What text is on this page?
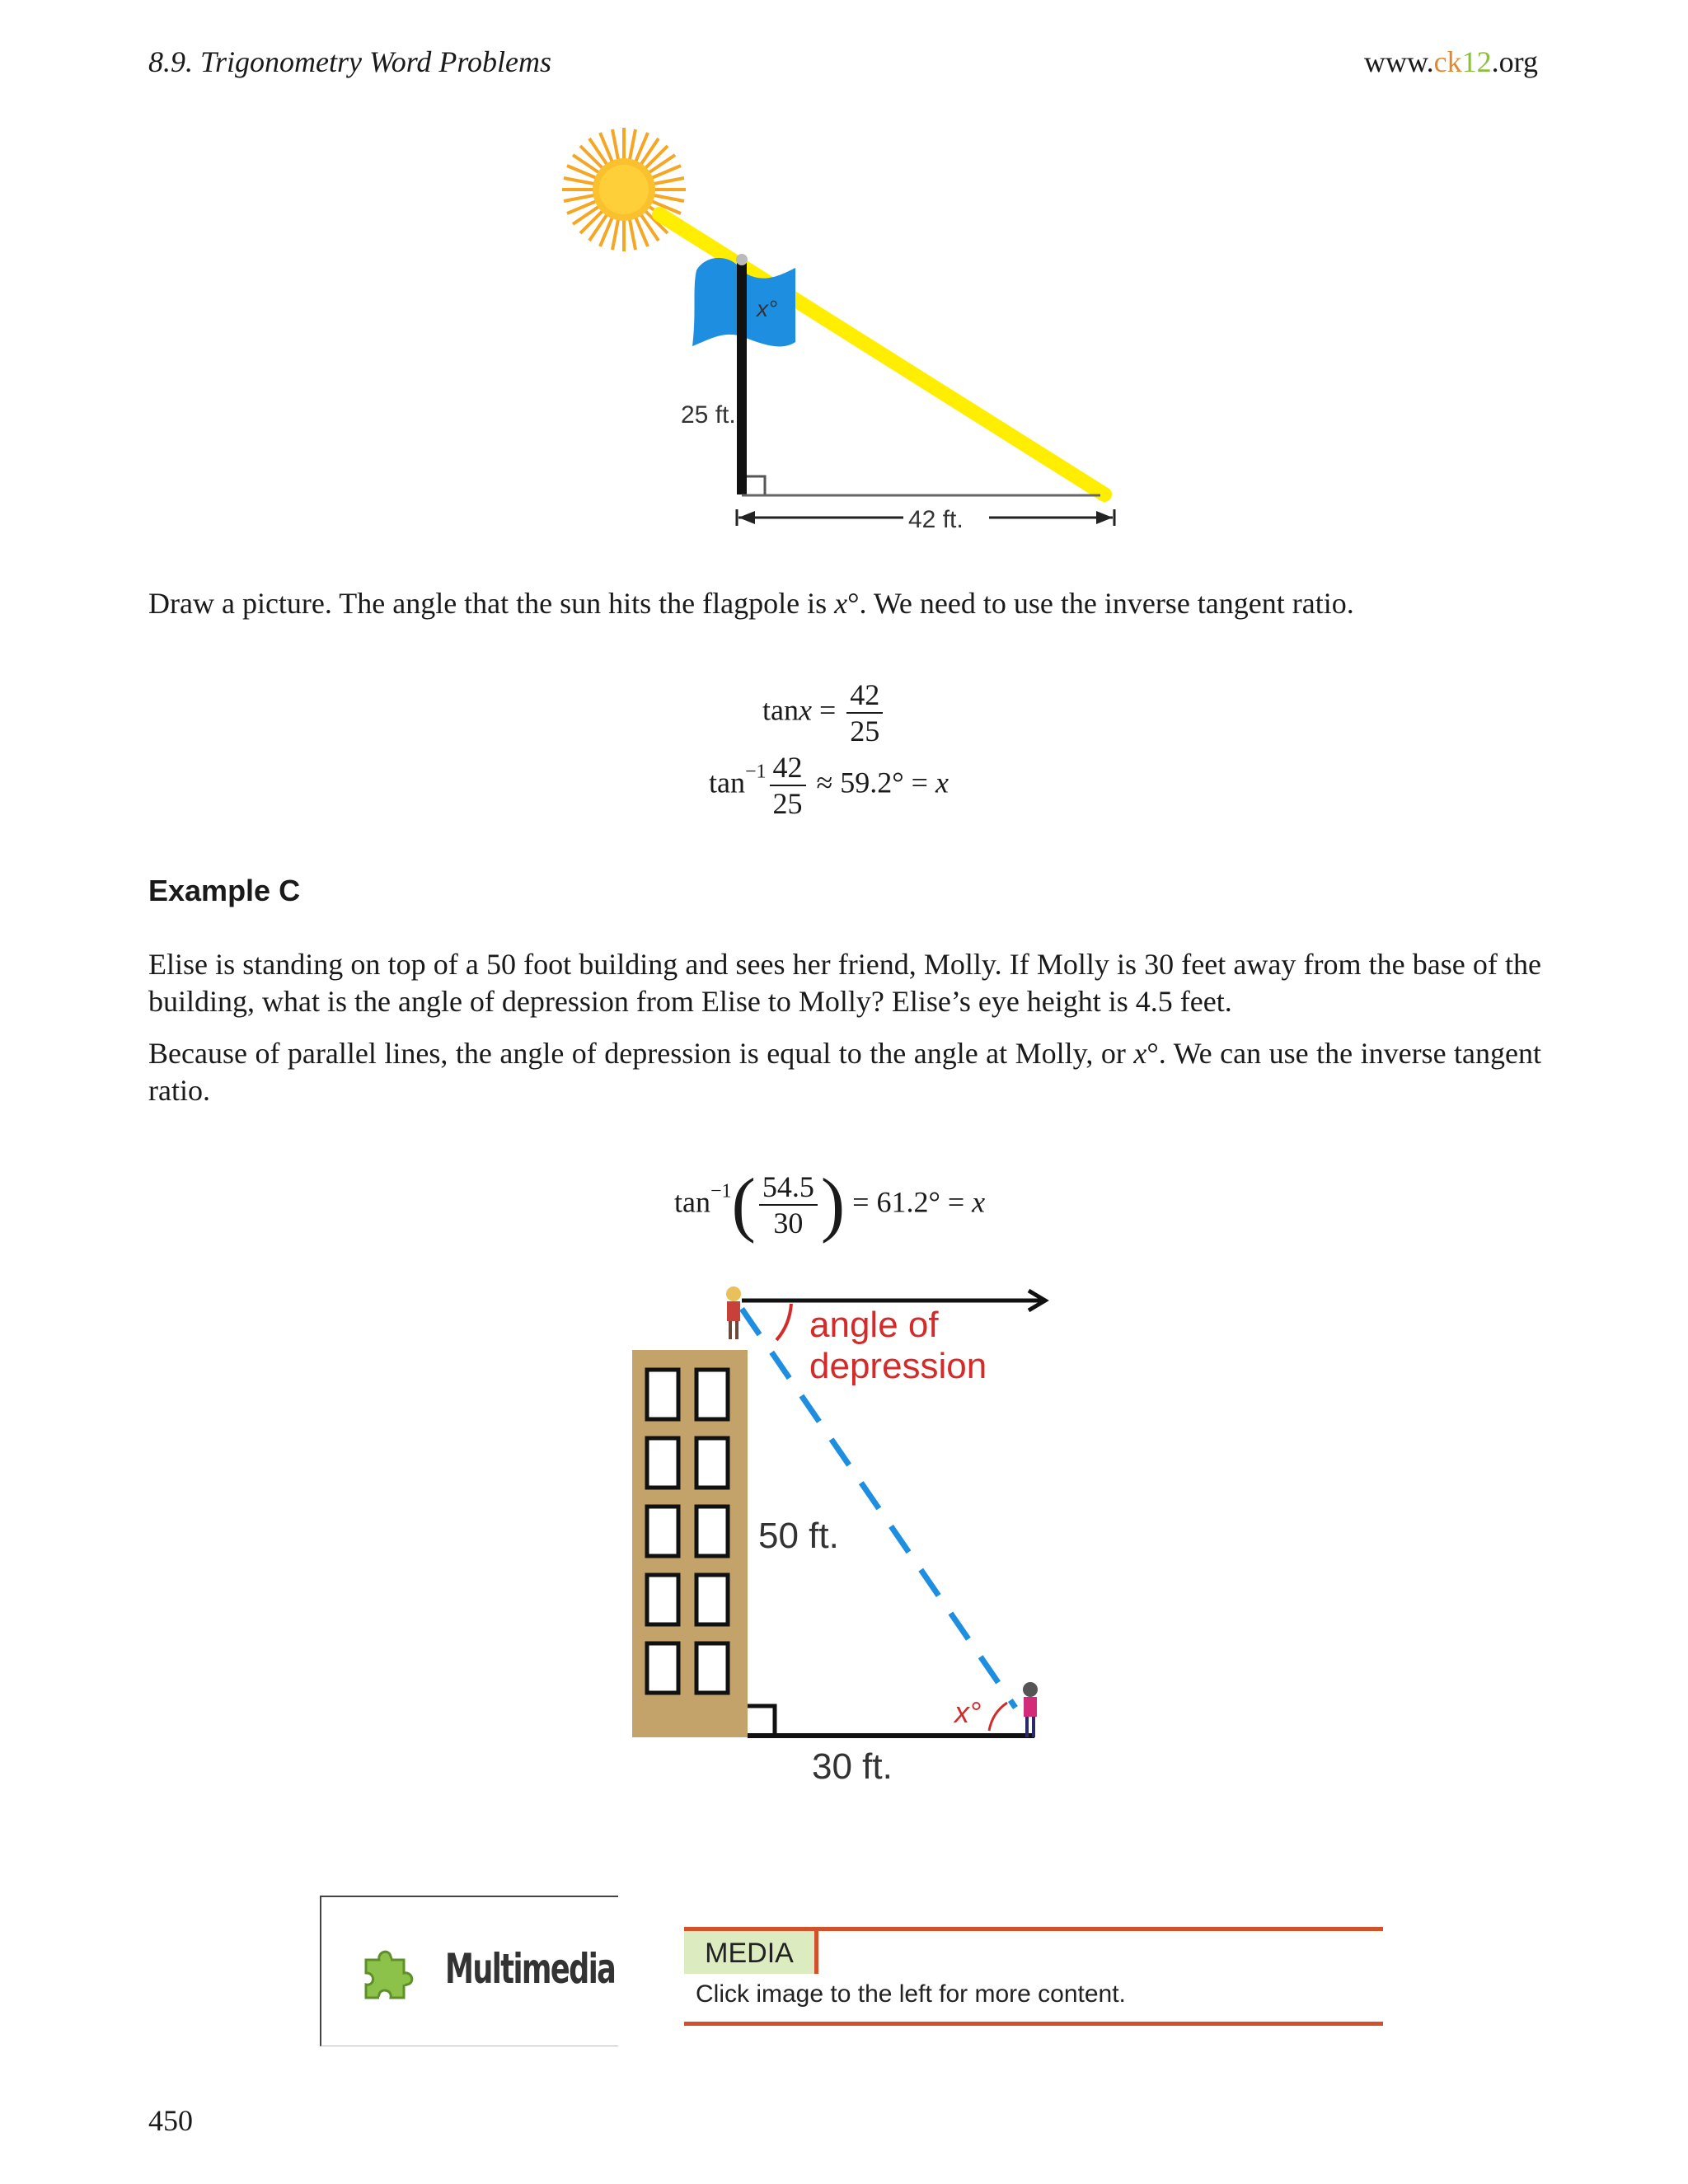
8.9. Trigonometry Word Problems	www.ck12.org
x°
25 ft.
42 ft.
Draw a picture. The angle that the sun hits the flagpole is x°. We need to use the inverse tangent ratio.
$\tan x = \frac{42}{25}$
$\tan^{-1} \frac{42}{25} \approx 59.2^\circ = x$
Example C
Elise is standing on top of a 50 foot building and sees her friend, Molly. If Molly is 30 feet away from the base of the building, what is the angle of depression from Elise to Molly? Elise’s eye height is 4.5 feet.
Because of parallel lines, the angle of depression is equal to the angle at Molly, or x°. We can use the inverse tangent ratio.
$\tan^{-1}( \frac{54.5}{30}$ ) = 61.2° = x
angle of
depression
50 ft.
30 ft.
x°
Multimedia	MEDIA
Click image to the left for more content.
450
